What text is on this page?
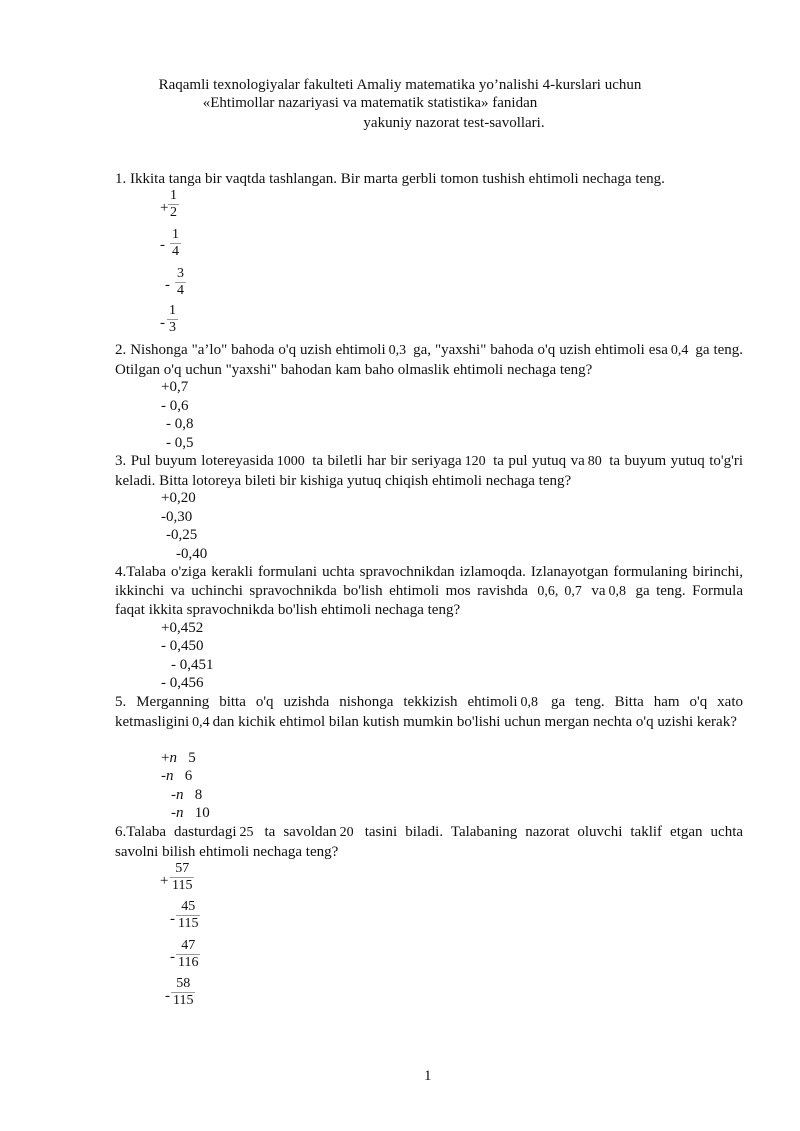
Raqamli texnologiyalar fakulteti Amaliy matematika yo’nalishi 4-kurslari uchun
«Ehtimollar nazariyasi va matematik statistika» fanidan
yakuniy nazorat test-savollari.
1. Ikkita tanga bir vaqtda tashlangan. Bir marta gerbli tomon tushish ehtimoli nechaga teng.
+
1
2
-
1
4
-
3
4
-
1
3
2. Nishonga "a’lo" bahoda o'q uzish ehtimoli 0,3 ga, "yaxshi" bahoda o'q uzish ehtimoli esa 0,4 ga teng. Otilgan o'q uchun "yaxshi" bahodan kam baho olmaslik ehtimoli nechaga teng?
+0,7
- 0,6
- 0,8
- 0,5
3. Pul buyum lotereyasida 1000 ta biletli har bir seriyaga 120 ta pul yutuq va 80 ta buyum yutuq to'g'ri keladi. Bitta lotoreya bileti bir kishiga yutuq chiqish ehtimoli nechaga teng?
+0,20
-0,30
-0,25
-0,40
4.Talaba o'ziga kerakli formulani uchta spravochnikdan izlamoqda. Izlanayotgan formulaning birinchi, ikkinchi va uchinchi spravochnikda bo'lish ehtimoli mos ravishda 0,6, 0,7 va 0,8 ga teng. Formula faqat ikkita spravochnikda bo'lish ehtimoli nechaga teng?
+0,452
- 0,450
- 0,451
- 0,456
5. Merganning bitta o'q uzishda nishonga tekkizish ehtimoli 0,8 ga teng. Bitta ham o'q xato ketmasligini 0,4 dan kichik ehtimol bilan kutish mumkin bo'lishi uchun mergan nechta o'q uzishi kerak?
+n 5
-n 6
-n 8
-n 10
6.Talaba dasturdagi 25 ta savoldan 20 tasini biladi. Talabaning nazorat oluvchi taklif etgan uchta savolni bilish ehtimoli nechaga teng?
+
57
115
-
45
115
-
47
116
-
58
115
1
